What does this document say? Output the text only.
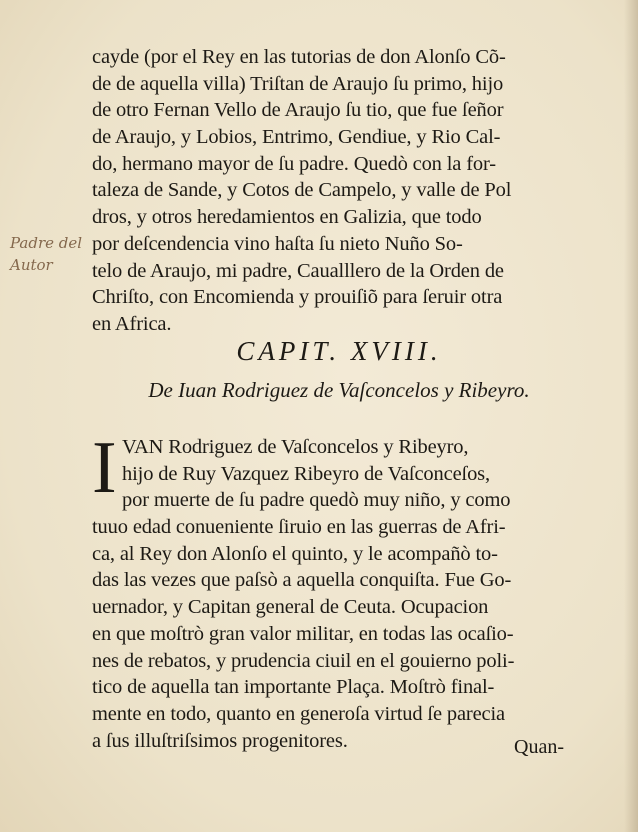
Padre del Autor
cayde (por el Rey en las tutorias de don Alonſo Cõ-
de de aquella villa) Triſtan de Araujo ſu primo, hijo
de otro Fernan Vello de Araujo ſu tio, que fue ſeñor
de Araujo, y Lobios, Entrimo, Gendiue, y Rio Cal-
do, hermano mayor de ſu padre. Quedò con la for-
taleza de Sande, y Cotos de Campelo, y valle de Pol
dros, y otros heredamientos en Galizia, que todo
por deſcendencia vino haſta ſu nieto Nuño So-
telo de Araujo, mi padre, Caualllero de la Orden de
Chriſto, con Encomienda y prouiſiõ para ſeruir otra
en Africa.
CAPIT. XVIII.
De Iuan Rodriguez de Vaſconcelos y Ribeyro.
I VAN Rodriguez de Vaſconcelos y Ribeyro,
hijo de Ruy Vazquez Ribeyro de Vaſconceſos,
por muerte de ſu padre quedò muy niño, y como
tuuo edad conueniente ſiruio en las guerras de Afri-
ca, al Rey don Alonſo el quinto, y le acompañò to-
das las vezes que paſsò a aquella conquiſta. Fue Go-
uernador, y Capitan general de Ceuta. Ocupacion
en que moſtrò gran valor militar, en todas las ocaſio-
nes de rebatos, y prudencia ciuil en el gouierno poli-
tico de aquella tan importante Plaça. Moſtrò final-
mente en todo, quanto en generoſa virtud ſe parecia
a ſus illuſtriſsimos progenitores.	Quan-
